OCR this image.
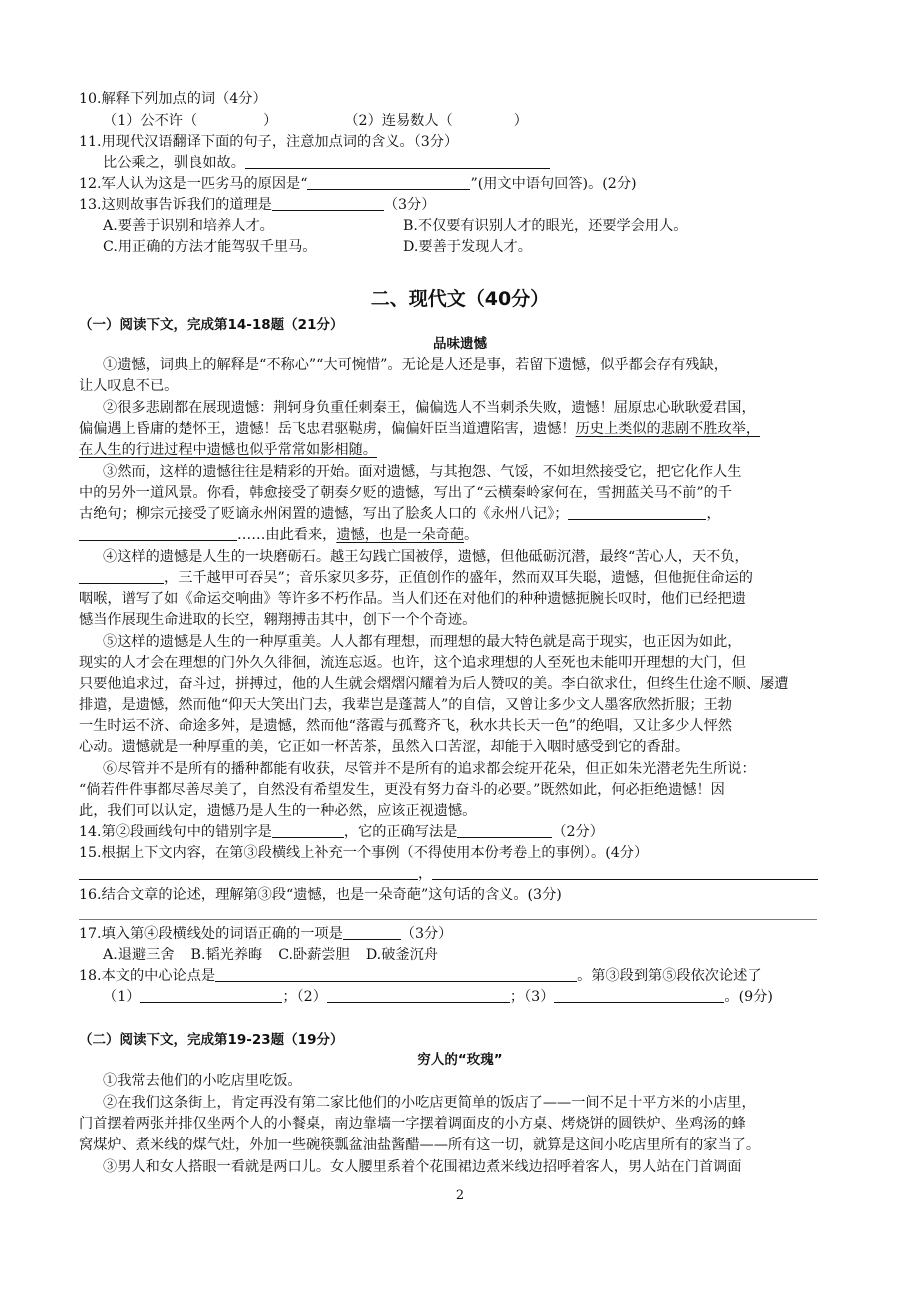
10.解释下列加点的词（4分）
（1）公不许（	）	（2）连易数人（	）
11.用现代汉语翻译下面的句子，注意加点词的含义。（3分）
比公乘之，驯良如故。
12.军人认为这是一匹劣马的原因是“	”(用文中语句回答)。(2分)
13.这则故事告诉我们的道理是	（3分）
A.要善于识别和培养人才。	B.不仅要有识别人才的眼光，还要学会用人。
C.用正确的方法才能驾驭千里马。	D.要善于发现人才。
二、现代文（40分）
（一）阅读下文，完成第14-18题（21分）
品味遗憾
①遗憾，词典上的解释是“不称心”“大可惋惜”。无论是人还是事，若留下遗憾，似乎都会存有残缺，
让人叹息不已。
②很多悲剧都在展现遗憾：荆轲身负重任刺秦王，偏偏选人不当刺杀失败，遗憾！屈原忠心耿耿爱君国，
偏偏遇上昏庸的楚怀王，遗憾！岳飞忠君驱鞑虏，偏偏奸臣当道遭陷害，遗憾！历史上类似的悲剧不胜玫举，
在人生的行进过程中遗憾也似乎常常如影相随。
③然而，这样的遗憾往往是精彩的开始。面对遗憾，与其抱怨、气馁，不如坦然接受它，把它化作人生
中的另外一道风景。你看，韩愈接受了朝奏夕贬的遗憾，写出了“云横秦岭家何在，雪拥蓝关马不前”的千
古绝句；柳宗元接受了贬谪永州闲置的遗憾，写出了脍炙人口的《永州八记》；	，
……由此看来，遗憾，也是一朵奇葩。
④这样的遗憾是人生的一块磨砺石。越王勾践亡国被俘，遗憾，但他砥砺沉潜，最终“苦心人，天不负，
，三千越甲可吞吴”；音乐家贝多芬，正值创作的盛年，然而双耳失聪，遗憾，但他扼住命运的
咽喉，谱写了如《命运交响曲》等许多不朽作品。当人们还在对他们的种种遗憾扼腕长叹时，他们已经把遗
憾当作展现生命进取的长空，翱翔搏击其中，创下一个个奇迹。
⑤这样的遗憾是人生的一种厚重美。人人都有理想，而理想的最大特色就是高于现实，也正因为如此，
现实的人才会在理想的门外久久徘徊，流连忘返。也许，这个追求理想的人至死也未能叩开理想的大门，但
只要他追求过，奋斗过，拼搏过，他的人生就会熠熠闪耀着为后人赞叹的美。李白欲求仕，但终生仕途不顺、屡遭
排遣，是遗憾，然而他“仰天大笑出门去，我辈岂是蓬蒿人”的自信，又曾让多少文人墨客欣然折服；王勃
一生时运不济、命途多舛，是遗憾，然而他“落霞与孤鹜齐飞，秋水共长天一色”的绝唱，又让多少人怦然
心动。遗憾就是一种厚重的美，它正如一杯苦茶，虽然入口苦涩，却能于入咽时感受到它的香甜。
⑥尽管并不是所有的播种都能有收获，尽管并不是所有的追求都会绽开花朵，但正如朱光潜老先生所说：
“倘若件件事都尽善尽美了，自然没有希望发生，更没有努力奋斗的必要。”既然如此，何必拒绝遗憾！因
此，我们可以认定，遗憾乃是人生的一种必然，应该正视遗憾。
14.第②段画线句中的错别字是	，它的正确写法是	（2分）
15.根据上下文内容，在第③段横线上补充一个事例（不得使用本份考卷上的事例）。(4分）
，
16.结合文章的论述，理解第③段“遗憾，也是一朵奇葩”这句话的含义。(3分)
17.填入第④段横线处的词语正确的一项是	（3分）
A.退避三舍 B.韬光养晦 C.卧薪尝胆 D.破釜沉舟
18.本文的中心论点是	。第③段到第⑤段依次论述了
（1）	；（2）	；（3）	。(9分)
（二）阅读下文，完成第19-23题（19分）
穷人的“玫瑰”
①我常去他们的小吃店里吃饭。
②在我们这条街上，肯定再没有第二家比他们的小吃店更简单的饭店了——一间不足十平方米的小店里，
门首摆着两张并排仅坐两个人的小餐桌，南边靠墙一字摆着调面皮的小方桌、烤烧饼的圆铁炉、坐鸡汤的蜂
窝煤炉、煮米线的煤气灶，外加一些碗筷瓢盆油盐酱醋——所有这一切，就算是这间小吃店里所有的家当了。
③男人和女人搭眼一看就是两口儿。女人腰里系着个花围裙边煮米线边招呼着客人，男人站在门首调面
2
